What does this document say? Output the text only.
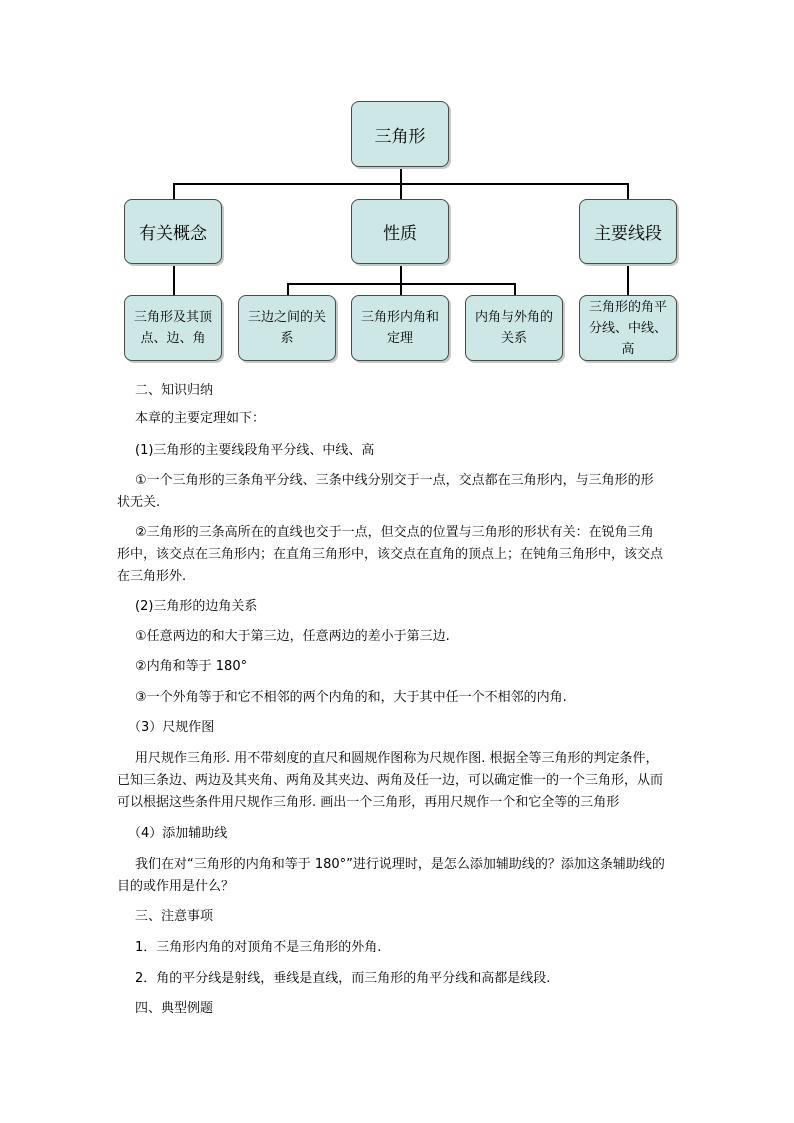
三角形
有关概念	性质	主要线段
三角形及其顶点、边、角
三边之间的关系
三角形内角和定理
内角与外角的关系
三角形的角平分线、中线、高
二、知识归纳
本章的主要定理如下：
(1)三角形的主要线段角平分线、中线、高
①一个三角形的三条角平分线、三条中线分别交于一点，交点都在三角形内，与三角形的形
状无关.
②三角形的三条高所在的直线也交于一点，但交点的位置与三角形的形状有关：在锐角三角
形中，该交点在三角形内；在直角三角形中，该交点在直角的顶点上；在钝角三角形中，该交点
在三角形外.
(2)三角形的边角关系
①任意两边的和大于第三边，任意两边的差小于第三边.
②内角和等于 180°
③一个外角等于和它不相邻的两个内角的和，大于其中任一个不相邻的内角.
（3）尺规作图
用尺规作三角形. 用不带刻度的直尺和圆规作图称为尺规作图. 根据全等三角形的判定条件，
已知三条边、两边及其夹角、两角及其夹边、两角及任一边，可以确定惟一的一个三角形，从而
可以根据这些条件用尺规作三角形. 画出一个三角形，再用尺规作一个和它全等的三角形
（4）添加辅助线
我们在对“三角形的内角和等于 180°”进行说理时，是怎么添加辅助线的？添加这条辅助线的
目的或作用是什么？
三、注意事项
1．三角形内角的对顶角不是三角形的外角.
2．角的平分线是射线，垂线是直线，而三角形的角平分线和高都是线段.
四、典型例题
